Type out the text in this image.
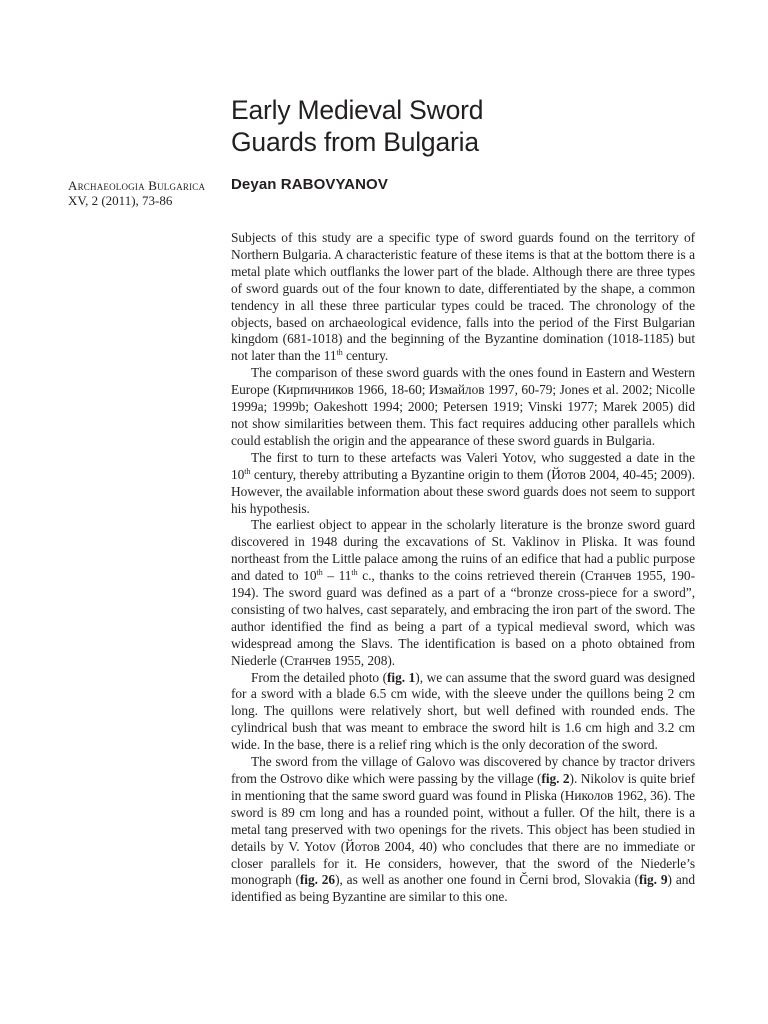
Early Medieval Sword
Guards from Bulgaria
Archaeologia Bulgarica
XV, 2 (2011), 73-86
Deyan RABOVYANOV

Subjects of this study are a specific type of sword guards found on the territory of Northern Bulgaria. A characteristic feature of these items is that at the bottom there is a metal plate which outflanks the lower part of the blade. Although there are three types of sword guards out of the four known to date, differentiated by the shape, a common tendency in all these three particular types could be traced. The chronology of the objects, based on archaeological evidence, falls into the period of the First Bulgarian kingdom (681-1018) and the beginning of the Byzantine domination (1018-1185) but not later than the 11th century.

The comparison of these sword guards with the ones found in Eastern and Western Europe (Кирпичников 1966, 18-60; Измайлов 1997, 60-79; Jones et al. 2002; Nicolle 1999a; 1999b; Oakeshott 1994; 2000; Petersen 1919; Vinski 1977; Marek 2005) did not show similarities between them. This fact requires adducing other parallels which could establish the origin and the appearance of these sword guards in Bulgaria.

The first to turn to these artefacts was Valeri Yotov, who suggested a date in the 10th century, thereby attributing a Byzantine origin to them (Йотов 2004, 40-45; 2009). However, the available information about these sword guards does not seem to support his hypothesis.

The earliest object to appear in the scholarly literature is the bronze sword guard discovered in 1948 during the excavations of St. Vaklinov in Pliska. It was found northeast from the Little palace among the ruins of an edifice that had a public purpose and dated to 10th – 11th c., thanks to the coins retrieved therein (Станчев 1955, 190-194). The sword guard was defined as a part of a “bronze cross-piece for a sword”, consisting of two halves, cast separately, and embracing the iron part of the sword. The author identified the find as being a part of a typical medieval sword, which was widespread among the Slavs. The identification is based on a photo obtained from Niederle (Станчев 1955, 208).

From the detailed photo (fig. 1), we can assume that the sword guard was designed for a sword with a blade 6.5 cm wide, with the sleeve under the quillons being 2 cm long. The quillons were relatively short, but well defined with rounded ends. The cylindrical bush that was meant to embrace the sword hilt is 1.6 cm high and 3.2 cm wide. In the base, there is a relief ring which is the only decoration of the sword.

The sword from the village of Galovo was discovered by chance by tractor drivers from the Ostrovo dike which were passing by the village (fig. 2). Nikolov is quite brief in mentioning that the same sword guard was found in Pliska (Николов 1962, 36). The sword is 89 cm long and has a rounded point, without a fuller. Of the hilt, there is a metal tang preserved with two openings for the rivets. This object has been studied in details by V. Yotov (Йотов 2004, 40) who concludes that there are no immediate or closer parallels for it. He considers, however, that the sword of the Niederle’s monograph (fig. 26), as well as another one found in Černi brod, Slovakia (fig. 9) and identified as being Byzantine are similar to this one.
